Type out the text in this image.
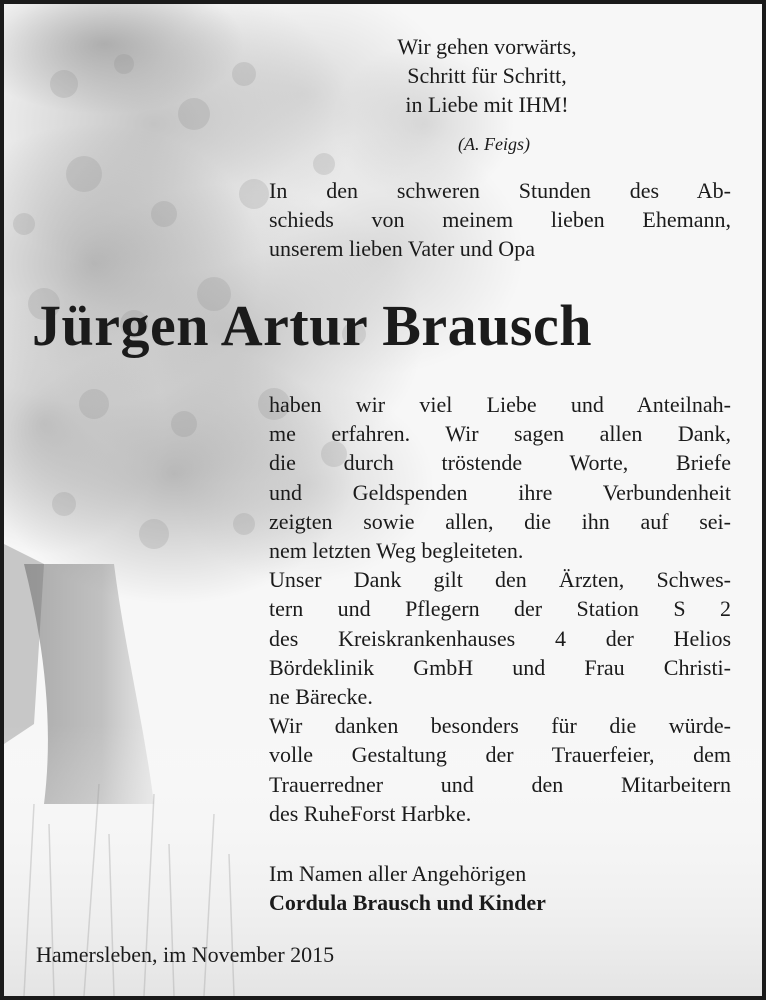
Wir gehen vorwärts,
Schritt für Schritt,
in Liebe mit IHM!
(A. Feigs)
In den schweren Stunden des Ab-
schieds von meinem lieben Ehemann,
unserem lieben Vater und Opa
Jürgen Artur Brausch
haben wir viel Liebe und Anteilnah-
me erfahren. Wir sagen allen Dank,
die durch tröstende Worte, Briefe
und Geldspenden ihre Verbundenheit
zeigten sowie allen, die ihn auf sei-
nem letzten Weg begleiteten.
Unser Dank gilt den Ärzten, Schwes-
tern und Pflegern der Station S 2
des Kreiskrankenhauses 4 der Helios
Bördeklinik GmbH und Frau Christi-
ne Bärecke.
Wir danken besonders für die würde-
volle Gestaltung der Trauerfeier, dem
Trauerredner und den Mitarbeitern
des RuheForst Harbke.
Im Namen aller Angehörigen
Cordula Brausch und Kinder
Hamersleben, im November 2015
